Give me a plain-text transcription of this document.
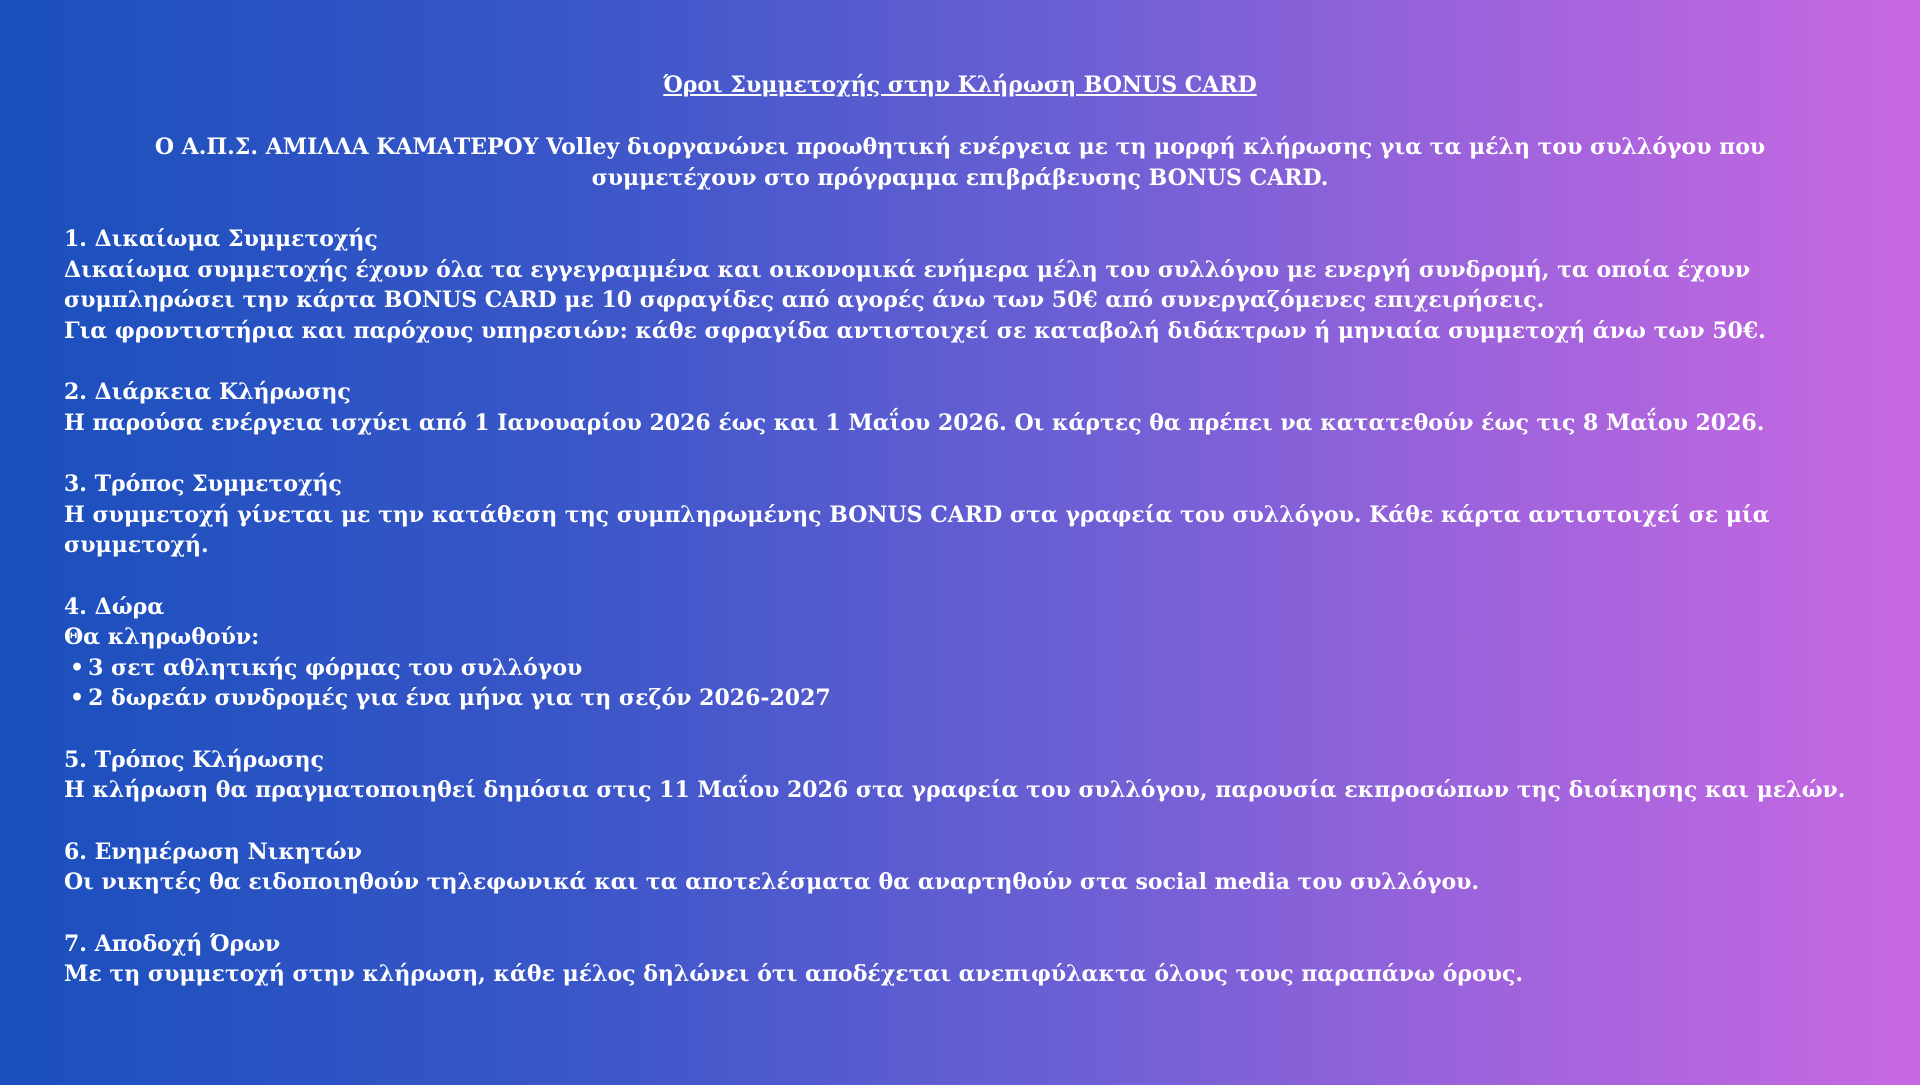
Όροι Συμμετοχής στην Κλήρωση BONUS CARD
Ο Α.Π.Σ. ΑΜΙΛΛΑ ΚΑΜΑΤΕΡΟΥ Volley διοργανώνει προωθητική ενέργεια με τη μορφή κλήρωσης για τα μέλη του συλλόγου που συμμετέχουν στο πρόγραμμα επιβράβευσης BONUS CARD.

1. Δικαίωμα Συμμετοχής

Δικαίωμα συμμετοχής έχουν όλα τα εγγεγραμμένα και οικονομικά ενήμερα μέλη του συλλόγου με ενεργή συνδρομή, τα οποία έχουν συμπληρώσει την κάρτα BONUS CARD με 10 σφραγίδες από αγορές άνω των 50€ από συνεργαζόμενες επιχειρήσεις.

Για φροντιστήρια και παρόχους υπηρεσιών: κάθε σφραγίδα αντιστοιχεί σε καταβολή διδάκτρων ή μηνιαία συμμετοχή άνω των 50€.

2. Διάρκεια Κλήρωσης

Η παρούσα ενέργεια ισχύει από 1 Ιανουαρίου 2026 έως και 1 Μαΐου 2026. Οι κάρτες θα πρέπει να κατατεθούν έως τις 8 Μαΐου 2026.

3. Τρόπος Συμμετοχής

Η συμμετοχή γίνεται με την κατάθεση της συμπληρωμένης BONUS CARD στα γραφεία του συλλόγου. Κάθε κάρτα αντιστοιχεί σε μία συμμετοχή.

4. Δώρα

Θα κληρωθούν:

• 3 σετ αθλητικής φόρμας του συλλόγου
• 2 δωρεάν συνδρομές για ένα μήνα για τη σεζόν 2026-2027

5. Τρόπος Κλήρωσης

Η κλήρωση θα πραγματοποιηθεί δημόσια στις 11 Μαΐου 2026 στα γραφεία του συλλόγου, παρουσία εκπροσώπων της διοίκησης και μελών.

6. Ενημέρωση Νικητών

Οι νικητές θα ειδοποιηθούν τηλεφωνικά και τα αποτελέσματα θα αναρτηθούν στα social media του συλλόγου.

7. Αποδοχή Όρων

Με τη συμμετοχή στην κλήρωση, κάθε μέλος δηλώνει ότι αποδέχεται ανεπιφύλακτα όλους τους παραπάνω όρους.
